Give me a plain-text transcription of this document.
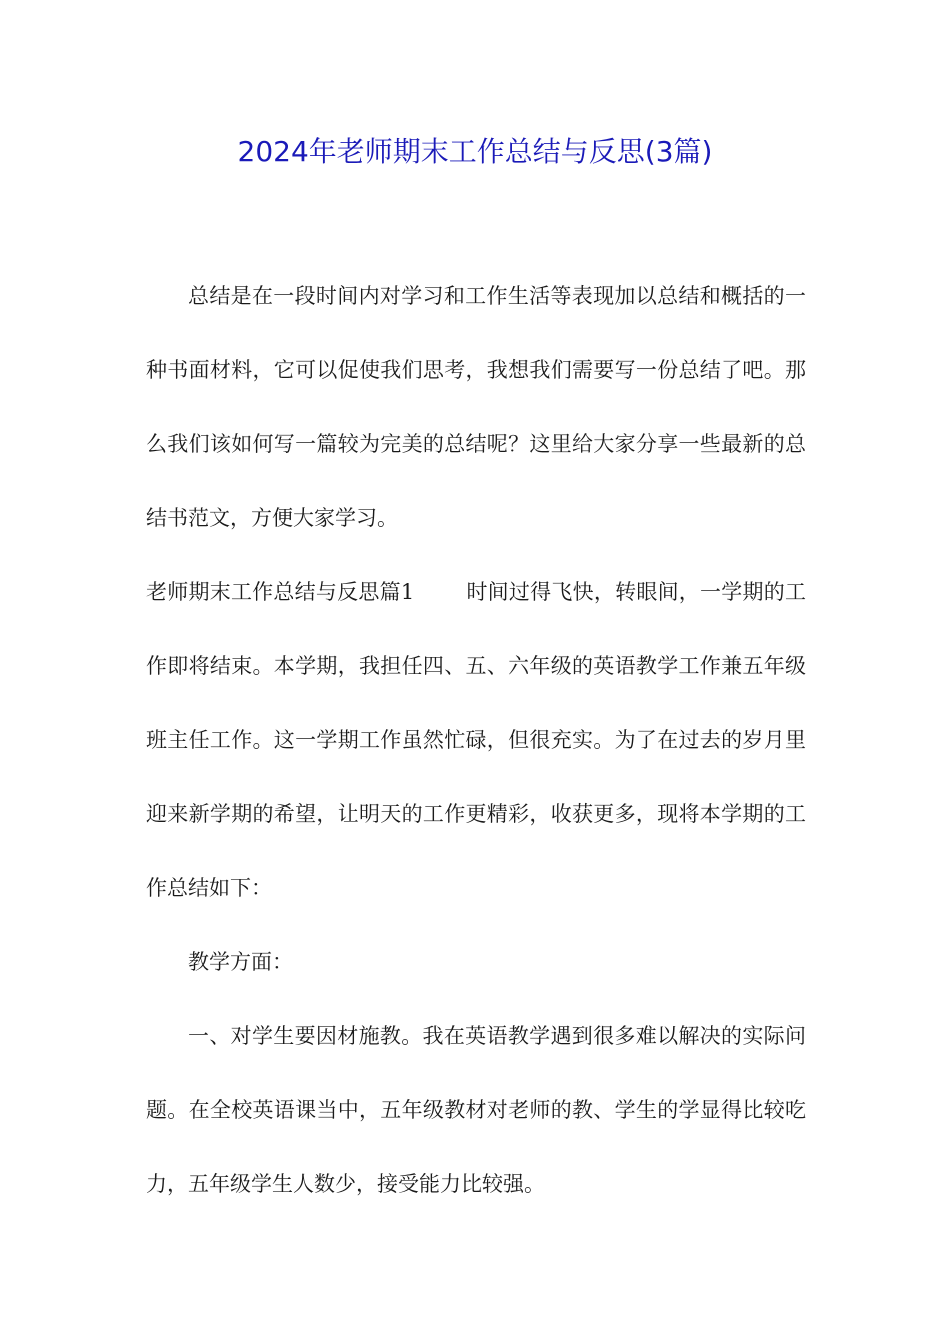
2024年老师期末工作总结与反思(3篇)

总结是在一段时间内对学习和工作生活等表现加以总结和概括的一种书面材料，它可以促使我们思考，我想我们需要写一份总结了吧。那么我们该如何写一篇较为完美的总结呢？这里给大家分享一些最新的总结书范文，方便大家学习。

老师期末工作总结与反思篇1 时间过得飞快，转眼间，一学期的工作即将结束。本学期，我担任四、五、六年级的英语教学工作兼五年级班主任工作。这一学期工作虽然忙碌，但很充实。为了在过去的岁月里迎来新学期的希望，让明天的工作更精彩，收获更多，现将本学期的工作总结如下：

教学方面：

一、对学生要因材施教。我在英语教学遇到很多难以解决的实际问题。在全校英语课当中，五年级教材对老师的教、学生的学显得比较吃力，五年级学生人数少，接受能力比较强。
